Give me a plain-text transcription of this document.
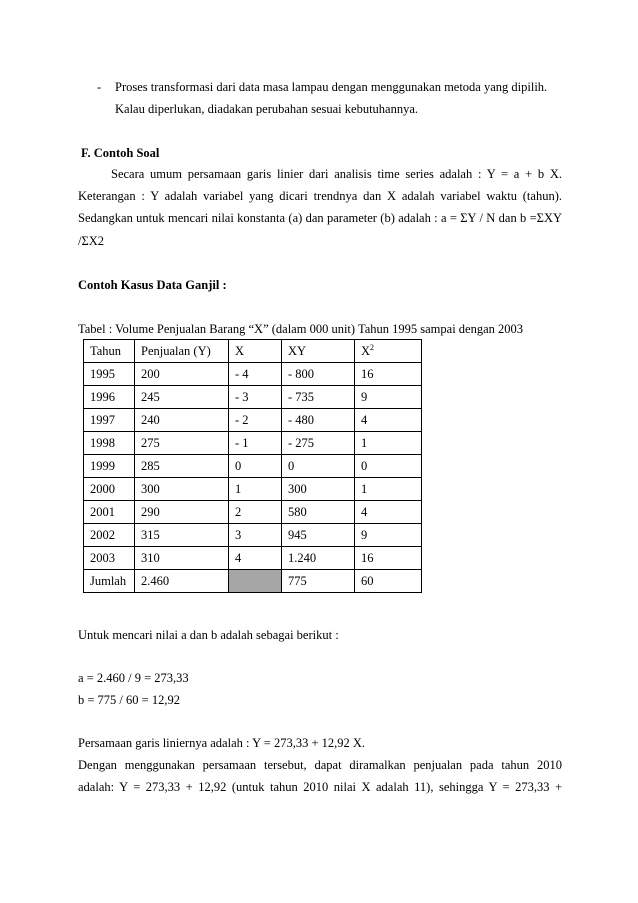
- Proses transformasi dari data masa lampau dengan menggunakan metoda yang dipilih.
Kalau diperlukan, diadakan perubahan sesuai kebutuhannya.
F. Contoh Soal
Secara umum persamaan garis linier dari analisis time series adalah : Y = a + b X.
Keterangan : Y adalah variabel yang dicari trendnya dan X adalah variabel waktu (tahun).
Sedangkan untuk mencari nilai konstanta (a) dan parameter (b) adalah : a = ΣY / N dan b =ΣXY
/ΣX2
Contoh Kasus Data Ganjil :
Tabel : Volume Penjualan Barang “X” (dalam 000 unit) Tahun 1995 sampai dengan 2003
Tahun	Penjualan (Y)	X	XY	$X^2$
1995	200	- 4	- 800	16
1996	245	- 3	- 735	9
1997	240	- 2	- 480	4
1998	275	- 1	- 275	1
1999	285	0	0	0
2000	300	1	300	1
2001	290	2	580	4
2002	315	3	945	9
2003	310	4	1.240	16
Jumlah	2.460		775	60
Untuk mencari nilai a dan b adalah sebagai berikut :
a = 2.460 / 9 = 273,33
b = 775 / 60 = 12,92
Persamaan garis liniernya adalah : Y = 273,33 + 12,92 X.
Dengan menggunakan persamaan tersebut, dapat diramalkan penjualan pada tahun 2010
adalah: Y = 273,33 + 12,92 (untuk tahun 2010 nilai X adalah 11), sehingga Y = 273,33 +
